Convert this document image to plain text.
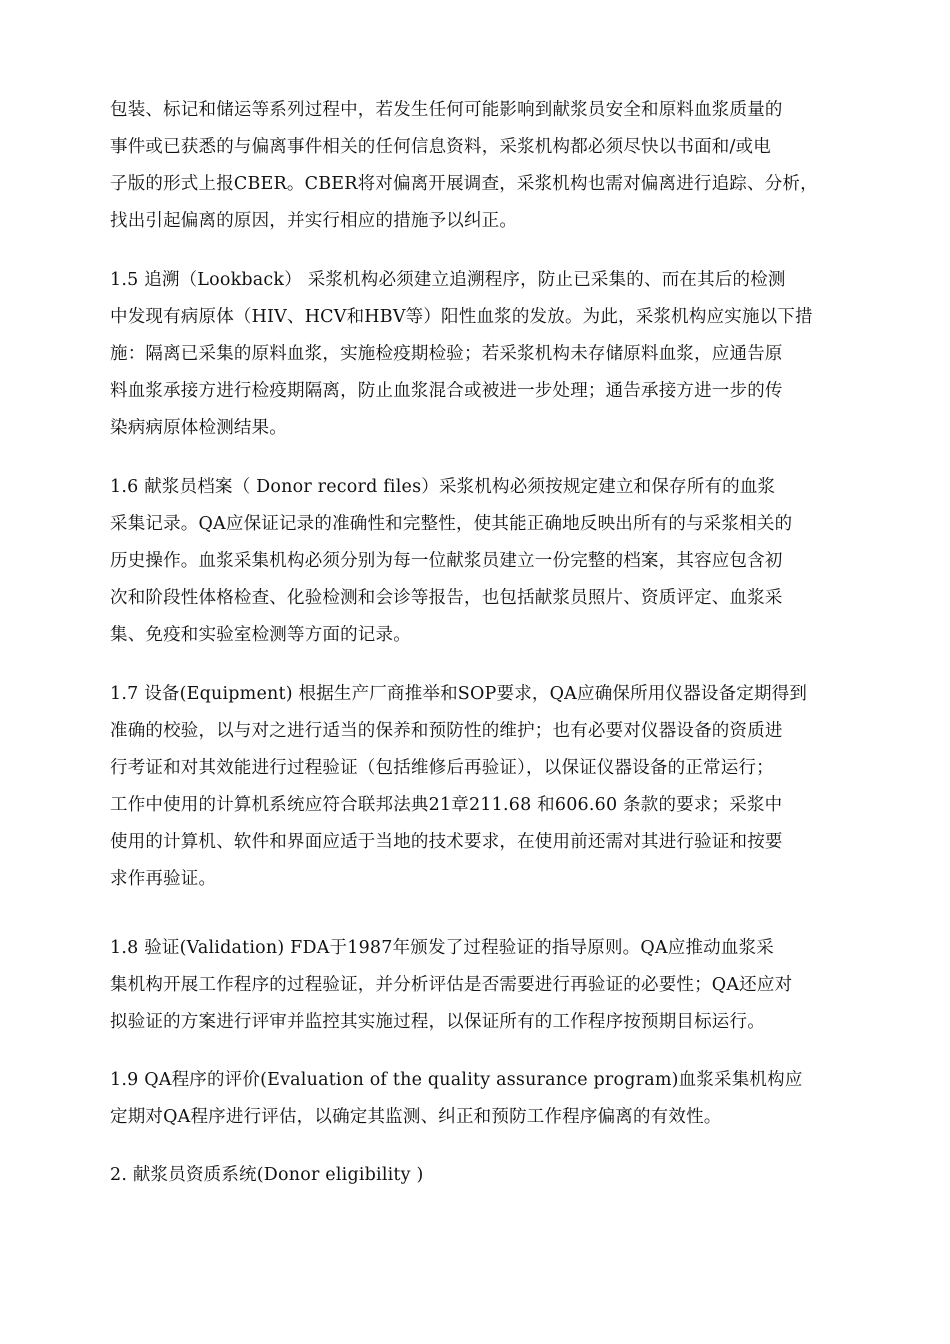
包装、标记和储运等系列过程中，若发生任何可能影响到献浆员安全和原料血浆质量的
事件或已获悉的与偏离事件相关的任何信息资料，采浆机构都必须尽快以书面和/或电
子版的形式上报CBER。CBER将对偏离开展调查，采浆机构也需对偏离进行追踪、分析，
找出引起偏离的原因，并实行相应的措施予以纠正。
1.5 追溯（Lookback） 采浆机构必须建立追溯程序，防止已采集的、而在其后的检测
中发现有病原体（HIV、HCV和HBV等）阳性血浆的发放。为此，采浆机构应实施以下措
施：隔离已采集的原料血浆，实施检疫期检验；若采浆机构未存储原料血浆，应通告原
料血浆承接方进行检疫期隔离，防止血浆混合或被进一步处理；通告承接方进一步的传
染病病原体检测结果。
1.6 献浆员档案（ Donor record files）采浆机构必须按规定建立和保存所有的血浆
采集记录。QA应保证记录的准确性和完整性，使其能正确地反映出所有的与采浆相关的
历史操作。血浆采集机构必须分别为每一位献浆员建立一份完整的档案，其容应包含初
次和阶段性体格检查、化验检测和会诊等报告，也包括献浆员照片、资质评定、血浆采
集、免疫和实验室检测等方面的记录。
1.7 设备(Equipment) 根据生产厂商推举和SOP要求，QA应确保所用仪器设备定期得到
准确的校验，以与对之进行适当的保养和预防性的维护；也有必要对仪器设备的资质进
行考证和对其效能进行过程验证（包括维修后再验证），以保证仪器设备的正常运行；
工作中使用的计算机系统应符合联邦法典21章211.68 和606.60 条款的要求；采浆中
使用的计算机、软件和界面应适于当地的技术要求，在使用前还需对其进行验证和按要
求作再验证。
1.8 验证(Validation) FDA于1987年颁发了过程验证的指导原则。QA应推动血浆采
集机构开展工作程序的过程验证，并分析评估是否需要进行再验证的必要性；QA还应对
拟验证的方案进行评审并监控其实施过程，以保证所有的工作程序按预期目标运行。
1.9 QA程序的评价(Evaluation of the quality assurance program)血浆采集机构应
定期对QA程序进行评估，以确定其监测、纠正和预防工作程序偏离的有效性。
2. 献浆员资质系统(Donor eligibility )
